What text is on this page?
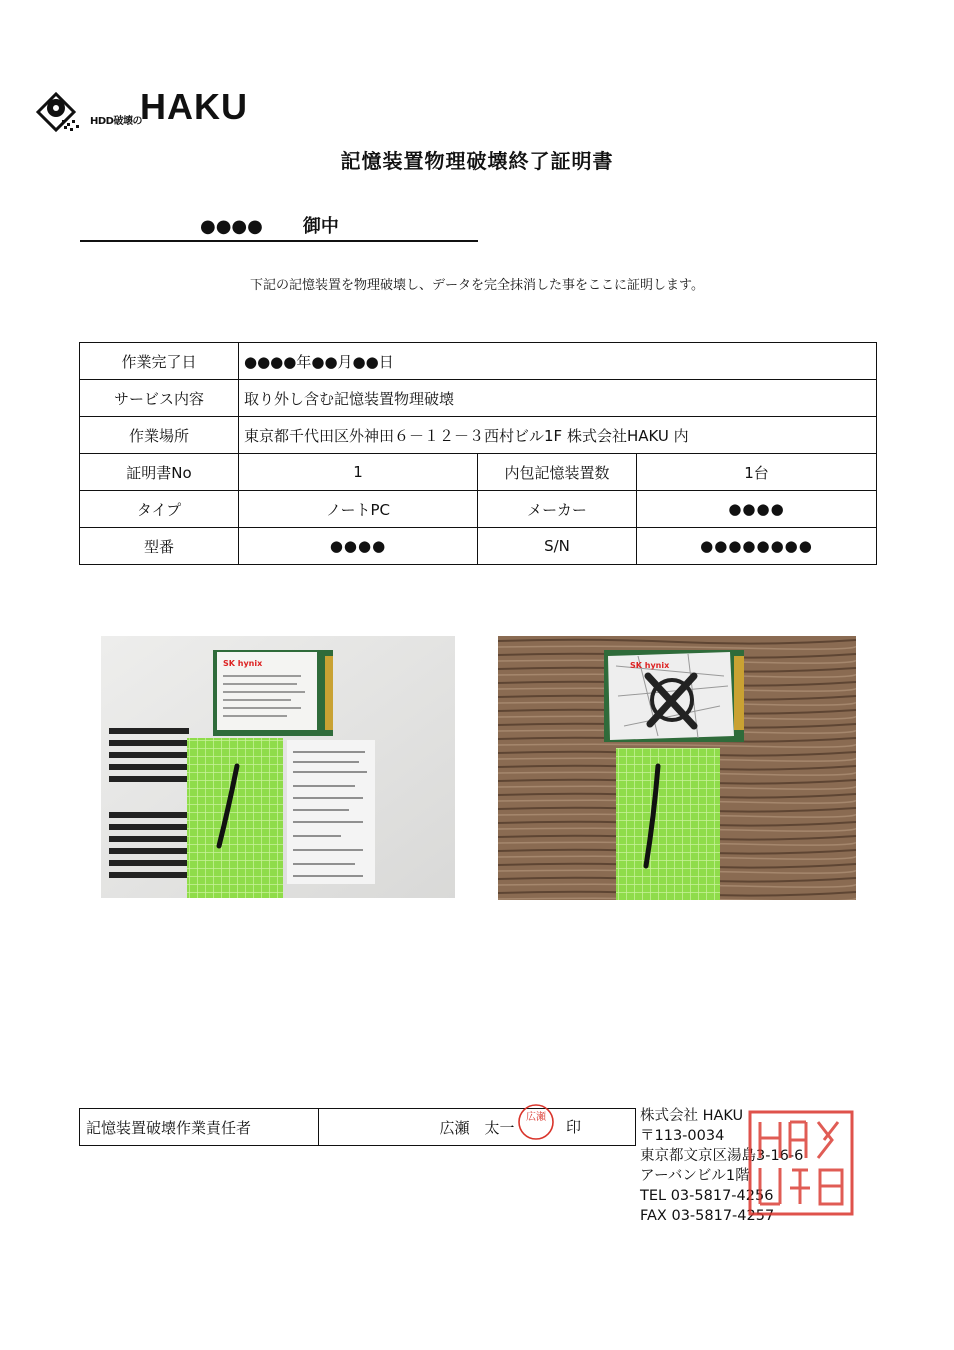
HDD破壊の
HAKU
記憶装置物理破壊終了証明書
●●●● 御中
下記の記憶装置を物理破壊し、データを完全抹消した事をここに証明します。
作業完了日	●●●●年●●月●●日		
サービス内容	取り外し含む記憶装置物理破壊		
作業場所	東京都千代田区外神田６－１２－３西村ビル1F 株式会社HAKU 内		
証明書No	1	内包記憶装置数	1台
タイプ	ノートPC	メーカー	●●●●
型番	●●●●	S/N	●●●●●●●●
SK hynix	SK hynix
記憶装置破壊作業責任者	広瀬　太一
広瀬
印
株式会社 HAKU
〒113-0034
東京都文京区湯島3-16-6
アーバンビル1階
TEL 03-5817-4256
FAX 03-5817-4257	株式会社HAKU
